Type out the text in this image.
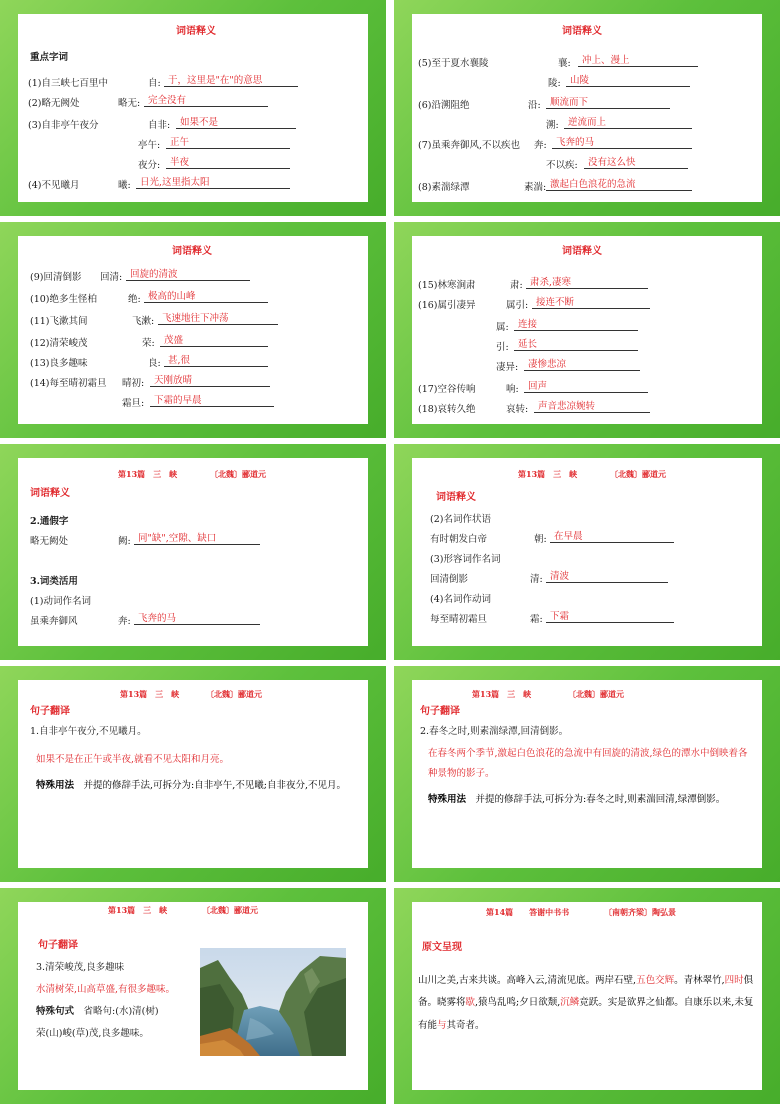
词语释义
重点字词
(1)自三峡七百里中	自: 于，这里是"在"的意思
(2)略无阙处	略无: 完全没有
(3)自非亭午夜分	自非:	如果不是
亭午:	正午
夜分:	半夜
(4)不见曦月	曦: 日光,这里指太阳
词语释义
(5)至于夏水襄陵	襄:	冲上、漫上
陵: 山陵
(6)沿溯阻绝	沿: 顺流而下
溯: 逆流而上
(7)虽乘奔御风,不以疾也 奔: 飞奔的马
不以疾:	没有这么快
(8)素湍绿潭	素湍: 激起白色浪花的急流
词语释义
(9)回清倒影 回清: 回旋的清波
(10)绝多生怪柏	绝: 极高的山峰
(11)飞漱其间	飞漱: 飞速地往下冲荡
(12)清荣峻茂	荣: 茂盛
(13)良多趣味	良: 甚,很
(14)每至晴初霜旦 晴初:	天刚放晴
霜旦:	下霜的早晨
词语释义
(15)林寒涧肃	肃: 肃杀,凄寒
(16)属引凄异	属引: 接连不断
属: 连接
引: 延长
凄异:	凄惨悲凉
(17)空谷传响	响: 回声
(18)哀转久绝	哀转:	声音悲凉婉转
第13篇　三　峡	〔北魏〕郦道元
词语释义
2.通假字
略无阙处	阙: 同"缺",空隙、缺口
3.词类活用
(1)动词作名词
虽乘奔御风	奔: 飞奔的马
第13篇　三　峡	〔北魏〕郦道元
词语释义
(2)名词作状语
有时朝发白帝	朝: 在早晨
(3)形容词作名词
回清倒影	清: 清波
(4)名词作动词
每至晴初霜旦	霜: 下霜
第13篇　三　峡	〔北魏〕郦道元
句子翻译
1.自非亭午夜分,不见曦月。
如果不是在正午或半夜,就看不见太阳和月亮。
特殊用法　 并提的修辞手法,可拆分为:自非亭午,不见曦;自非夜分,不见月。
第13篇　三　峡	〔北魏〕郦道元
句子翻译
2.春冬之时,则素湍绿潭,回清倒影。
在春冬两个季节,激起白色浪花的急流中有回旋的清波,绿色的潭水中倒映着各种景物的影子。
特殊用法　 并提的修辞手法,可拆分为:春冬之时,则素湍回清,绿潭倒影。
第13篇　三　峡	〔北魏〕郦道元
句子翻译
3.清荣峻茂,良多趣味
水清树荣,山高草盛,有很多趣味。
特殊句式　 省略句:(水)清(树)
荣(山)峻(草)茂,良多趣味。
第14篇　　答谢中书书	〔南朝齐梁〕陶弘景
原文呈现
山川之美,古来共谈。高峰入云,清流见底。两岸石壁,五色交辉。青林翠竹,四时俱备。晓雾将歇,猿鸟乱鸣;夕日欲颓,沉鳞竞跃。实是欲界之仙都。自康乐以来,未复有能与其奇者。
